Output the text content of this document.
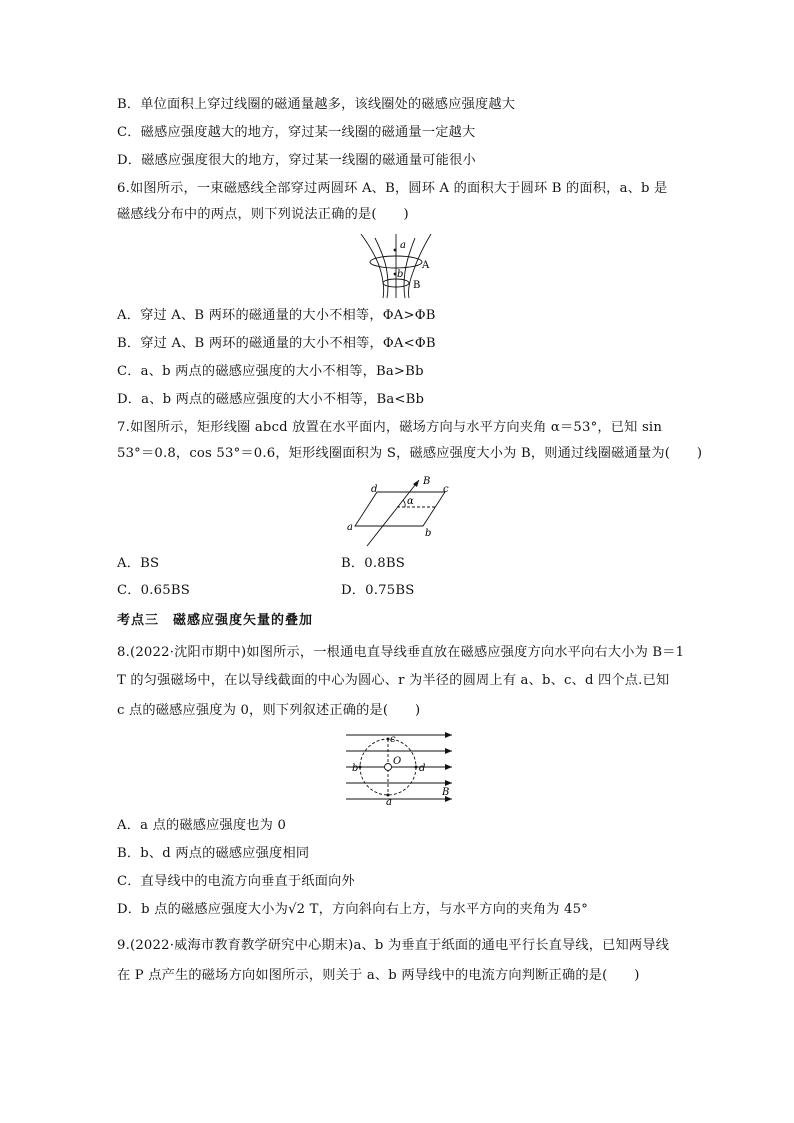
B．单位面积上穿过线圈的磁通量越多，该线圈处的磁感应强度越大
C．磁感应强度越大的地方，穿过某一线圈的磁通量一定越大
D．磁感应强度很大的地方，穿过某一线圈的磁通量可能很小
6.如图所示，一束磁感线全部穿过两圆环 A、B，圆环 A 的面积大于圆环 B 的面积，a、b 是
磁感线分布中的两点，则下列说法正确的是(　　)
a
b
A
B
A．穿过 A、B 两环的磁通量的大小不相等，ΦA>ΦB
B．穿过 A、B 两环的磁通量的大小不相等，ΦA<ΦB
C．a、b 两点的磁感应强度的大小不相等，Ba>Bb
D．a、b 两点的磁感应强度的大小不相等，Ba<Bb
7.如图所示，矩形线圈 abcd 放置在水平面内，磁场方向与水平方向夹角 α＝53°，已知 sin
53°＝0.8，cos 53°＝0.6，矩形线圈面积为 S，磁感应强度大小为 B，则通过线圈磁通量为(　　)
B
α
a
b
c
d
A．BS	B．0.8BS
C．0.65BS	D．0.75BS
考点三　磁感应强度矢量的叠加
8.(2022·沈阳市期中)如图所示，一根通电直导线垂直放在磁感应强度方向水平向右大小为 B＝1
T 的匀强磁场中，在以导线截面的中心为圆心、r 为半径的圆周上有 a、b、c、d 四个点.已知
c 点的磁感应强度为 0，则下列叙述正确的是(　　)
c
a
b	d
O
B
A．a 点的磁感应强度也为 0
B．b、d 两点的磁感应强度相同
C．直导线中的电流方向垂直于纸面向外
D．b 点的磁感应强度大小为√2 T，方向斜向右上方，与水平方向的夹角为 45°
9.(2022·威海市教育教学研究中心期末)a、b 为垂直于纸面的通电平行长直导线，已知两导线
在 P 点产生的磁场方向如图所示，则关于 a、b 两导线中的电流方向判断正确的是(　　)
